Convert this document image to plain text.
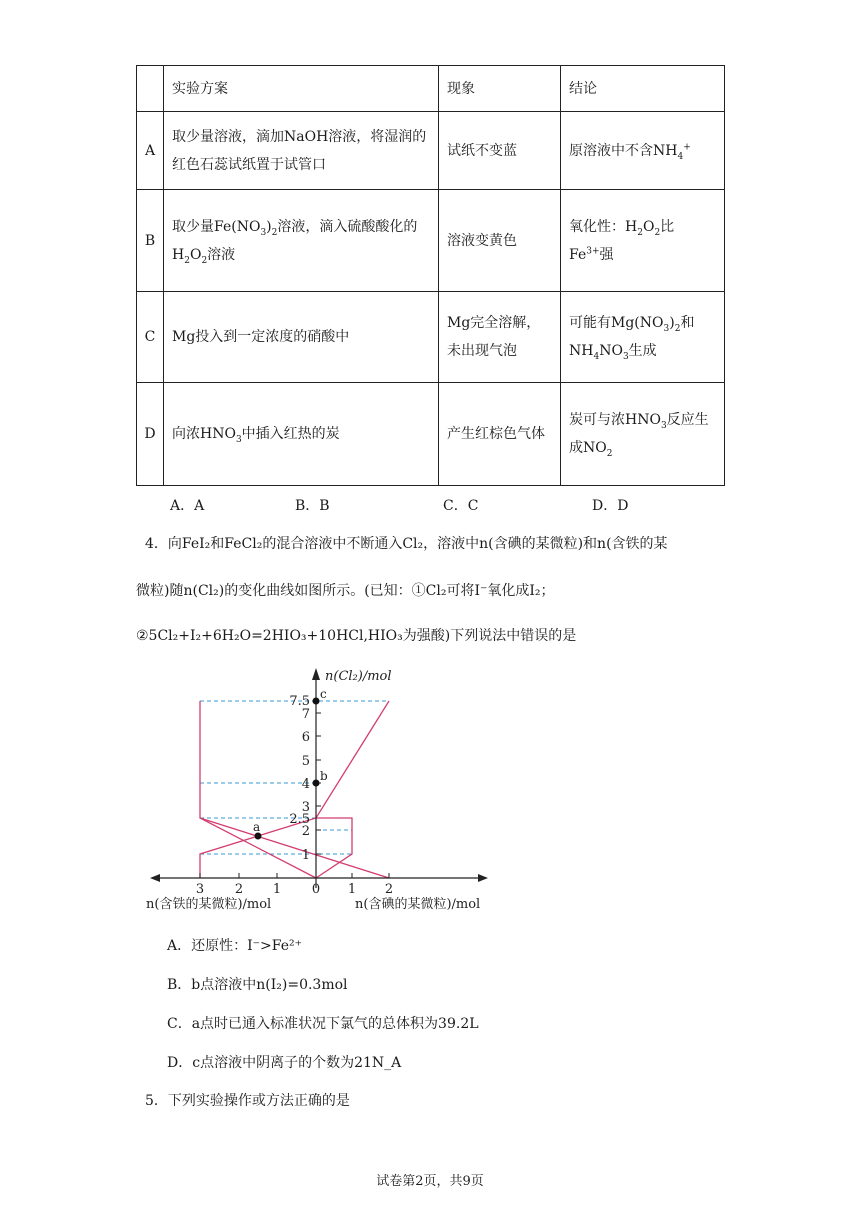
	实验方案	现象	结论
A	取少量溶液，滴加NaOH溶液，将湿润的红色石蕊试纸置于试管口	试纸不变蓝	原溶液中不含$NH_4^+$
B	取少量$Fe(NO_3)_2$溶液，滴入硫酸酸化的$H_2O_2$溶液	溶液变黄色	氧化性：$H_2O_2$比$Fe^{3+}$强
C	Mg投入到一定浓度的硝酸中	Mg完全溶解，未出现气泡	可能有$Mg(NO_3)_2$和$NH_4NO_3$生成
D	向浓$HNO_3$中插入红热的炭	产生红棕色气体	炭可与浓$HNO_3$反应生成$NO_2$
A．A	B．B	C．C	D．D
4．向FeI₂和FeCl₂的混合溶液中不断通入Cl₂，溶液中n(含碘的某微粒)和n(含铁的某
微粒)随n(Cl₂)的变化曲线如图所示。(已知：①Cl₂可将I⁻氧化成I₂；
②5Cl₂+I₂+6H₂O=2HIO₃+10HCl,HIO₃为强酸)下列说法中错误的是
1
2
2.5
3
4
5
6
7
7.5
3 2 1 0 1 2
a
b
c
n(Cl₂)/mol
n(含铁的某微粒)/mol	n(含碘的某微粒)/mol
A．还原性：I⁻>Fe²⁺
B．b点溶液中n(I₂)=0.3mol
C．a点时已通入标准状况下氯气的总体积为39.2L
D．c点溶液中阴离子的个数为21N_A
5．下列实验操作或方法正确的是
试卷第2页，共9页
